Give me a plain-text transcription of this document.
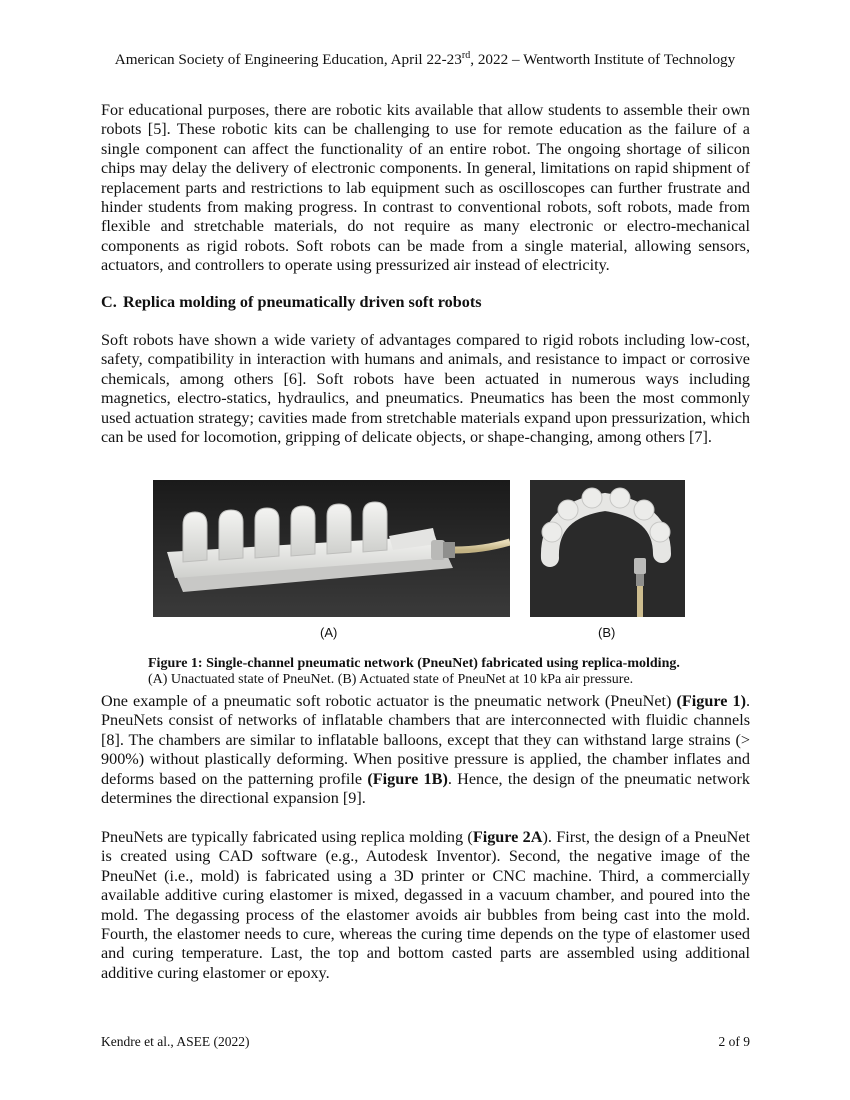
American Society of Engineering Education, April 22-23rd, 2022 – Wentworth Institute of Technology

For educational purposes, there are robotic kits available that allow students to assemble their own robots [5]. These robotic kits can be challenging to use for remote education as the failure of a single component can affect the functionality of an entire robot. The ongoing shortage of silicon chips may delay the delivery of electronic components. In general, limitations on rapid shipment of replacement parts and restrictions to lab equipment such as oscilloscopes can further frustrate and hinder students from making progress. In contrast to conventional robots, soft robots, made from flexible and stretchable materials, do not require as many electronic or electro-mechanical components as rigid robots. Soft robots can be made from a single material, allowing sensors, actuators, and controllers to operate using pressurized air instead of electricity.

C. Replica molding of pneumatically driven soft robots

Soft robots have shown a wide variety of advantages compared to rigid robots including low-cost, safety, compatibility in interaction with humans and animals, and resistance to impact or corrosive chemicals, among others [6]. Soft robots have been actuated in numerous ways including magnetics, electro-statics, hydraulics, and pneumatics. Pneumatics has been the most commonly used actuation strategy; cavities made from stretchable materials expand upon pressurization, which can be used for locomotion, gripping of delicate objects, or shape-changing, among others [7].

(A)	(B)

Figure 1: Single-channel pneumatic network (PneuNet) fabricated using replica-molding.

(A) Unactuated state of PneuNet. (B) Actuated state of PneuNet at 10 kPa air pressure.

One example of a pneumatic soft robotic actuator is the pneumatic network (PneuNet) (Figure 1). PneuNets consist of networks of inflatable chambers that are interconnected with fluidic channels [8]. The chambers are similar to inflatable balloons, except that they can withstand large strains (> 900%) without plastically deforming. When positive pressure is applied, the chamber inflates and deforms based on the patterning profile (Figure 1B). Hence, the design of the pneumatic network determines the directional expansion [9].

PneuNets are typically fabricated using replica molding (Figure 2A). First, the design of a PneuNet is created using CAD software (e.g., Autodesk Inventor). Second, the negative image of the PneuNet (i.e., mold) is fabricated using a 3D printer or CNC machine. Third, a commercially available additive curing elastomer is mixed, degassed in a vacuum chamber, and poured into the mold. The degassing process of the elastomer avoids air bubbles from being cast into the mold. Fourth, the elastomer needs to cure, whereas the curing time depends on the type of elastomer used and curing temperature. Last, the top and bottom casted parts are assembled using additional additive curing elastomer or epoxy.

Kendre et al., ASEE (2022)	2 of 9
